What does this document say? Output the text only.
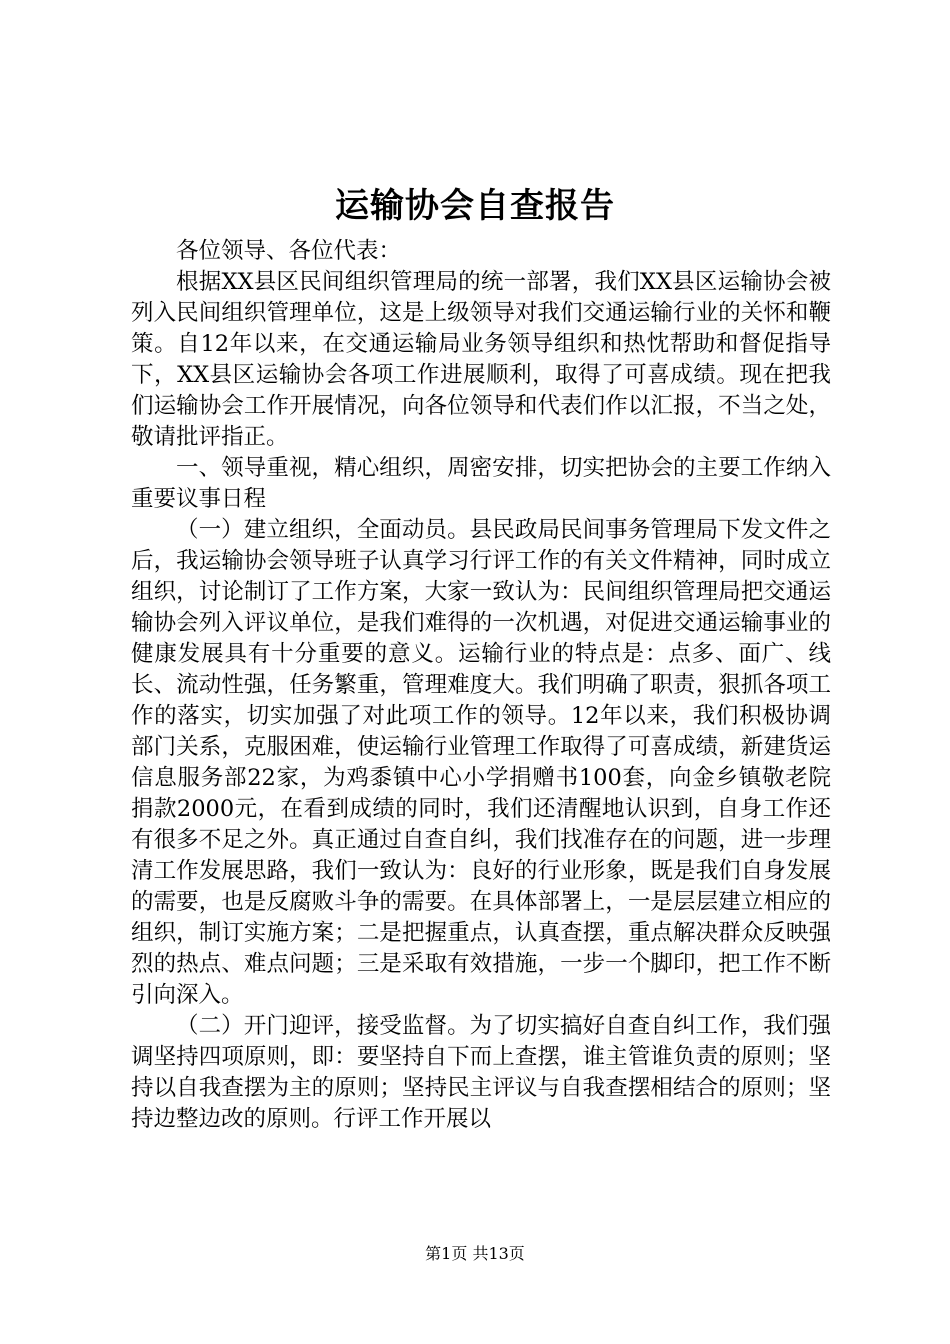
运输协会自查报告

各位领导、各位代表：

根据XX县区民间组织管理局的统一部署，我们XX县区运输协会被列入民间组织管理单位，这是上级领导对我们交通运输行业的关怀和鞭策。自12年以来，在交通运输局业务领导组织和热忱帮助和督促指导下，XX县区运输协会各项工作进展顺利，取得了可喜成绩。现在把我们运输协会工作开展情况，向各位领导和代表们作以汇报，不当之处，敬请批评指正。

一、领导重视，精心组织，周密安排，切实把协会的主要工作纳入重要议事日程

（一）建立组织，全面动员。县民政局民间事务管理局下发文件之后，我运输协会领导班子认真学习行评工作的有关文件精神，同时成立组织，讨论制订了工作方案，大家一致认为：民间组织管理局把交通运输协会列入评议单位，是我们难得的一次机遇，对促进交通运输事业的健康发展具有十分重要的意义。运输行业的特点是：点多、面广、线长、流动性强，任务繁重，管理难度大。我们明确了职责，狠抓各项工作的落实，切实加强了对此项工作的领导。12年以来，我们积极协调部门关系，克服困难，使运输行业管理工作取得了可喜成绩，新建货运信息服务部22家，为鸡黍镇中心小学捐赠书100套，向金乡镇敬老院捐款2000元，在看到成绩的同时，我们还清醒地认识到，自身工作还有很多不足之外。真正通过自查自纠，我们找准存在的问题，进一步理清工作发展思路，我们一致认为：良好的行业形象，既是我们自身发展的需要，也是反腐败斗争的需要。在具体部署上，一是层层建立相应的组织，制订实施方案；二是把握重点，认真查摆，重点解决群众反映强烈的热点、难点问题；三是采取有效措施，一步一个脚印，把工作不断引向深入。

（二）开门迎评，接受监督。为了切实搞好自查自纠工作，我们强调坚持四项原则，即：要坚持自下而上查摆，谁主管谁负责的原则；坚持以自我查摆为主的原则；坚持民主评议与自我查摆相结合的原则；坚持边整边改的原则。行评工作开展以

第1页 共13页
